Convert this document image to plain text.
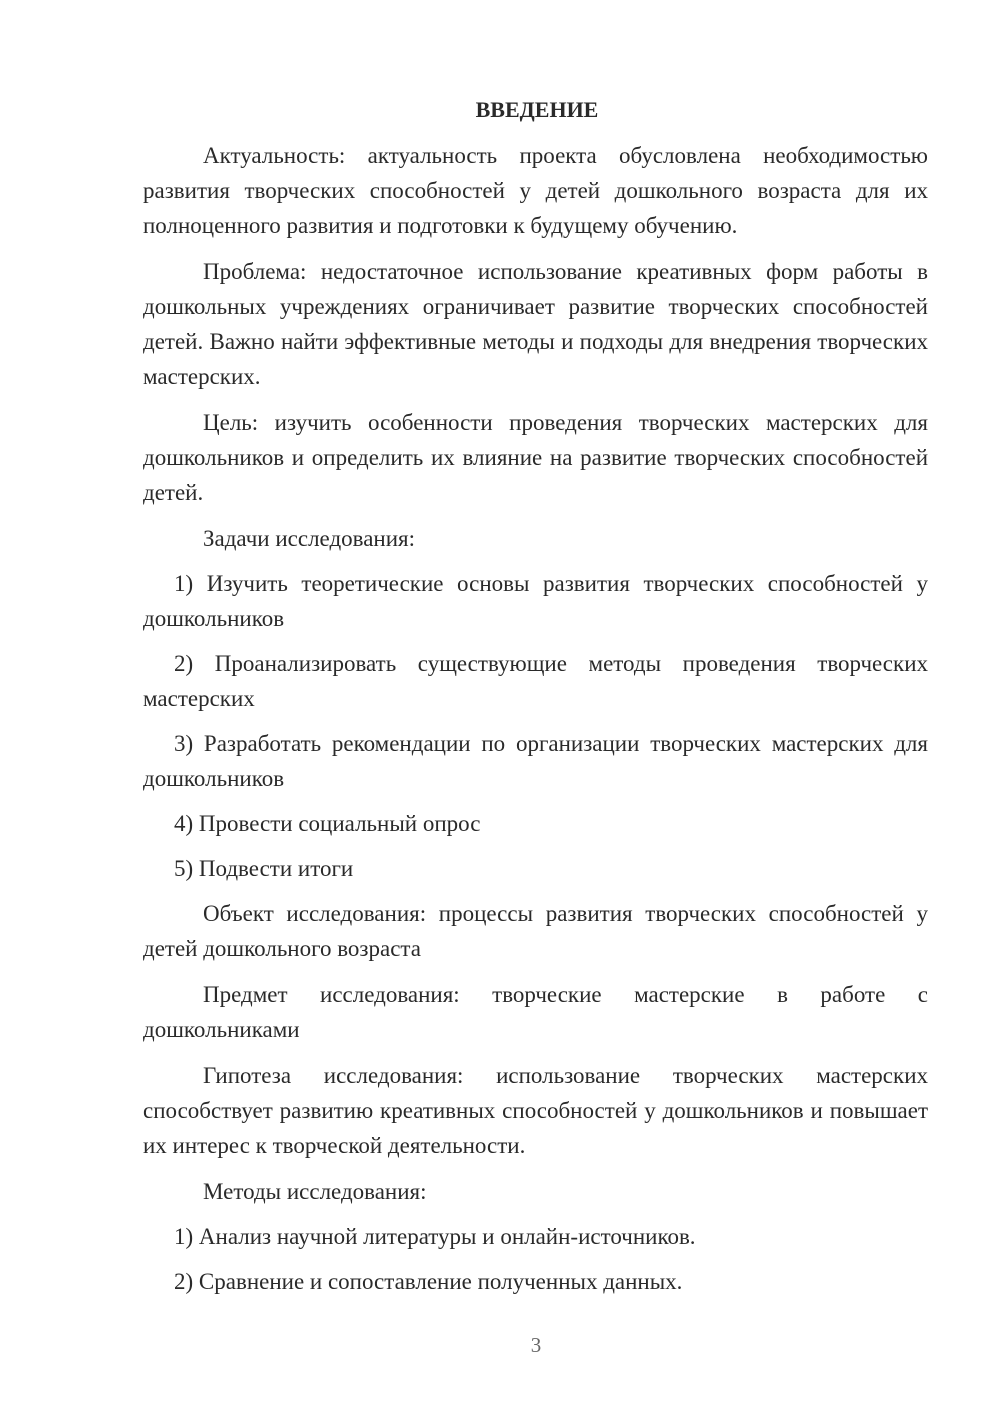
ВВЕДЕНИЕ

Актуальность: актуальность проекта обусловлена необходимостью развития творческих способностей у детей дошкольного возраста для их полноценного развития и подготовки к будущему обучению.

Проблема: недостаточное использование креативных форм работы в дошкольных учреждениях ограничивает развитие творческих способностей детей. Важно найти эффективные методы и подходы для внедрения творческих мастерских.

Цель: изучить особенности проведения творческих мастерских для дошкольников и определить их влияние на развитие творческих способностей детей.

Задачи исследования:

1) Изучить теоретические основы развития творческих способностей у дошкольников

2) Проанализировать существующие методы проведения творческих мастерских

3) Разработать рекомендации по организации творческих мастерских для дошкольников

4) Провести социальный опрос

5) Подвести итоги

Объект исследования: процессы развития творческих способностей у детей дошкольного возраста

Предмет исследования: творческие мастерские в работе с дошкольниками

Гипотеза исследования: использование творческих мастерских способствует развитию креативных способностей у дошкольников и повышает их интерес к творческой деятельности.

Методы исследования:

1) Анализ научной литературы и онлайн-источников.

2) Сравнение и сопоставление полученных данных.

3
